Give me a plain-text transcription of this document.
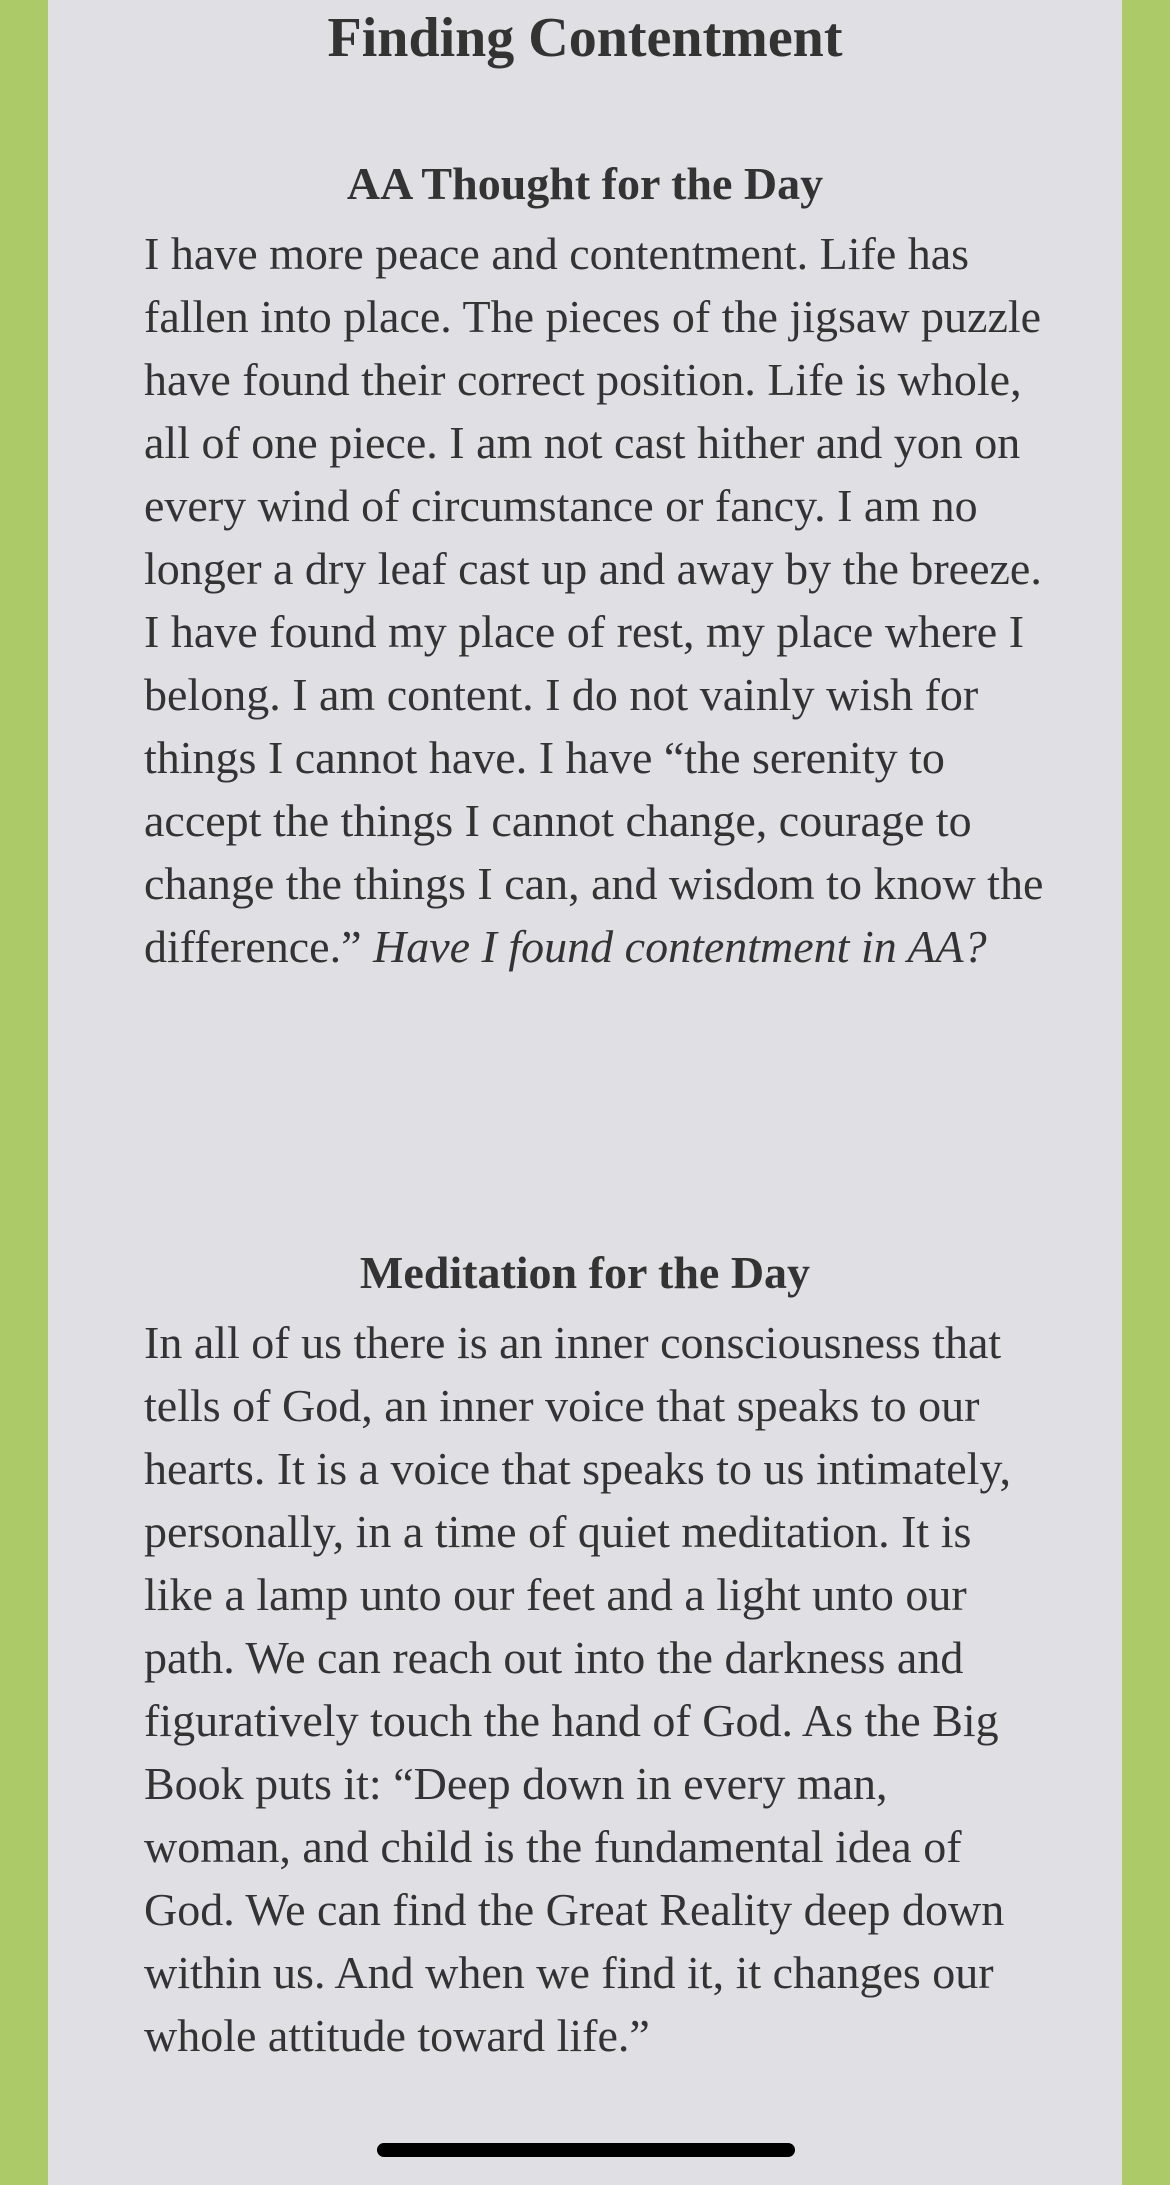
Finding Contentment
AA Thought for the Day

I have more peace and contentment. Life has fallen into place. The pieces of the jigsaw puzzle have found their correct position. Life is whole, all of one piece. I am not cast hither and yon on every wind of circumstance or fancy. I am no longer a dry leaf cast up and away by the breeze. I have found my place of rest, my place where I belong. I am content. I do not vainly wish for things I cannot have. I have “the serenity to accept the things I cannot change, courage to change the things I can, and wisdom to know the difference.” Have I found contentment in AA?

Meditation for the Day

In all of us there is an inner consciousness that tells of God, an inner voice that speaks to our hearts. It is a voice that speaks to us intimately, personally, in a time of quiet meditation. It is like a lamp unto our feet and a light unto our path. We can reach out into the darkness and figuratively touch the hand of God. As the Big Book puts it: “Deep down in every man, woman, and child is the fundamental idea of God. We can find the Great Reality deep down within us. And when we find it, it changes our whole attitude toward life.”
